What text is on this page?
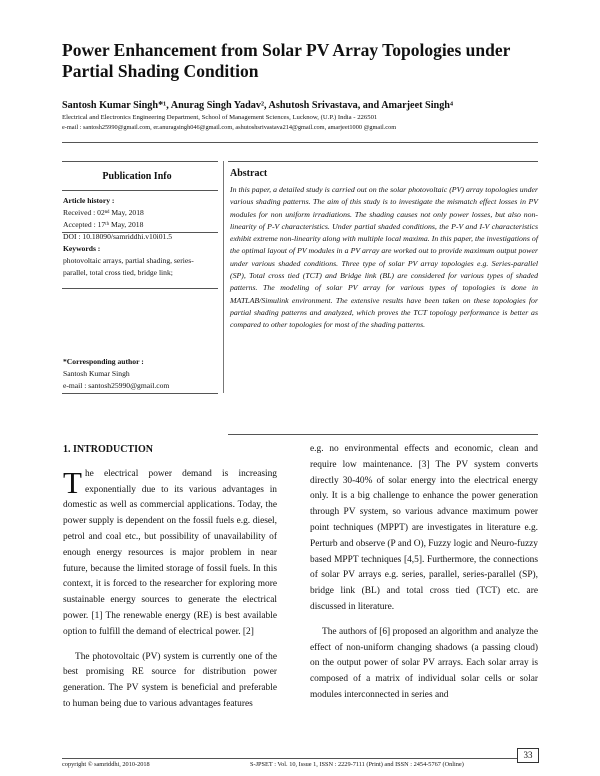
Power Enhancement from Solar PV Array Topologies under Partial Shading Condition
Santosh Kumar Singh*¹, Anurag Singh Yadav², Ashutosh Srivastava, and Amarjeet Singh⁴
Electrical and Electronics Engineering Department, School of Management Sciences, Lucknow, (U.P.) India - 226501
e-mail : santosh25990@gmail.com, er.anuragsingh046@gmail.com, ashutoshsrivastava214@gmail.com, amarjeet1000 @gmail.com
Publication Info
Article history :
Received : 02ⁿᵈ May, 2018
Accepted : 17ᵗʰ May, 2018
DOI : 10.18090/samriddhi.v10i01.5
Keywords :
photovoltaic arrays, partial shading, series-parallel, total cross tied, bridge link;
*Corresponding author :
Santosh Kumar Singh
e-mail : santosh25990@gmail.com
Abstract

In this paper, a detailed study is carried out on the solar photovoltaic (PV) array topologies under various shading patterns. The aim of this study is to investigate the mismatch effect losses in PV modules for non uniform irradiations. The shading causes not only power losses, but also non-linearity of P-V characteristics. Under partial shaded conditions, the P-V and I-V characteristics exhibit extreme non-linearity along with multiple local maxima. In this paper, the investigations of the optimal layout of PV modules in a PV array are worked out to provide maximum output power under various shaded conditions. Three type of solar PV array topologies e.g. Series-parallel (SP), Total cross tied (TCT) and Bridge link (BL) are considered for various types of shaded patterns. The modeling of solar PV array for various types of topologies is done in MATLAB/Simulink environment. The extensive results have been taken on these topologies for partial shading patterns and analyzed, which proves the TCT topology performance is better as compared to other topologies for most of the shading patterns.

1. INTRODUCTION

The electrical power demand is increasing exponentially due to its various advantages in domestic as well as commercial applications. Today, the power supply is dependent on the fossil fuels e.g. diesel, petrol and coal etc., but possibility of unavailability of enough energy resources is major problem in near future, because the limited storage of fossil fuels. In this context, it is forced to the researcher for exploring more sustainable energy sources to generate the electrical power. [1] The renewable energy (RE) is best available option to fulfill the demand of electrical power. [2]

The photovoltaic (PV) system is currently one of the best promising RE source for distribution power generation. The PV system is beneficial and preferable to human being due to various advantages features

e.g. no environmental effects and economic, clean and require low maintenance. [3] The PV system converts directly 30-40% of solar energy into the electrical energy only. It is a big challenge to enhance the power generation through PV system, so various advance maximum power point techniques (MPPT) are investigates in literature e.g. Perturb and observe (P and O), Fuzzy logic and Neuro-fuzzy based MPPT techniques [4,5]. Furthermore, the connections of solar PV arrays e.g. series, parallel, series-parallel (SP), bridge link (BL) and total cross tied (TCT) etc. are discussed in literature.

The authors of [6] proposed an algorithm and analyze the effect of non-uniform changing shadows (a passing cloud) on the output power of solar PV arrays. Each solar array is composed of a matrix of individual solar cells or solar modules interconnected in series and

33
copyright © samriddhi, 2010-2018	S-JPSET : Vol. 10, Issue 1, ISSN : 2229-7111 (Print) and ISSN : 2454-5767 (Online)
